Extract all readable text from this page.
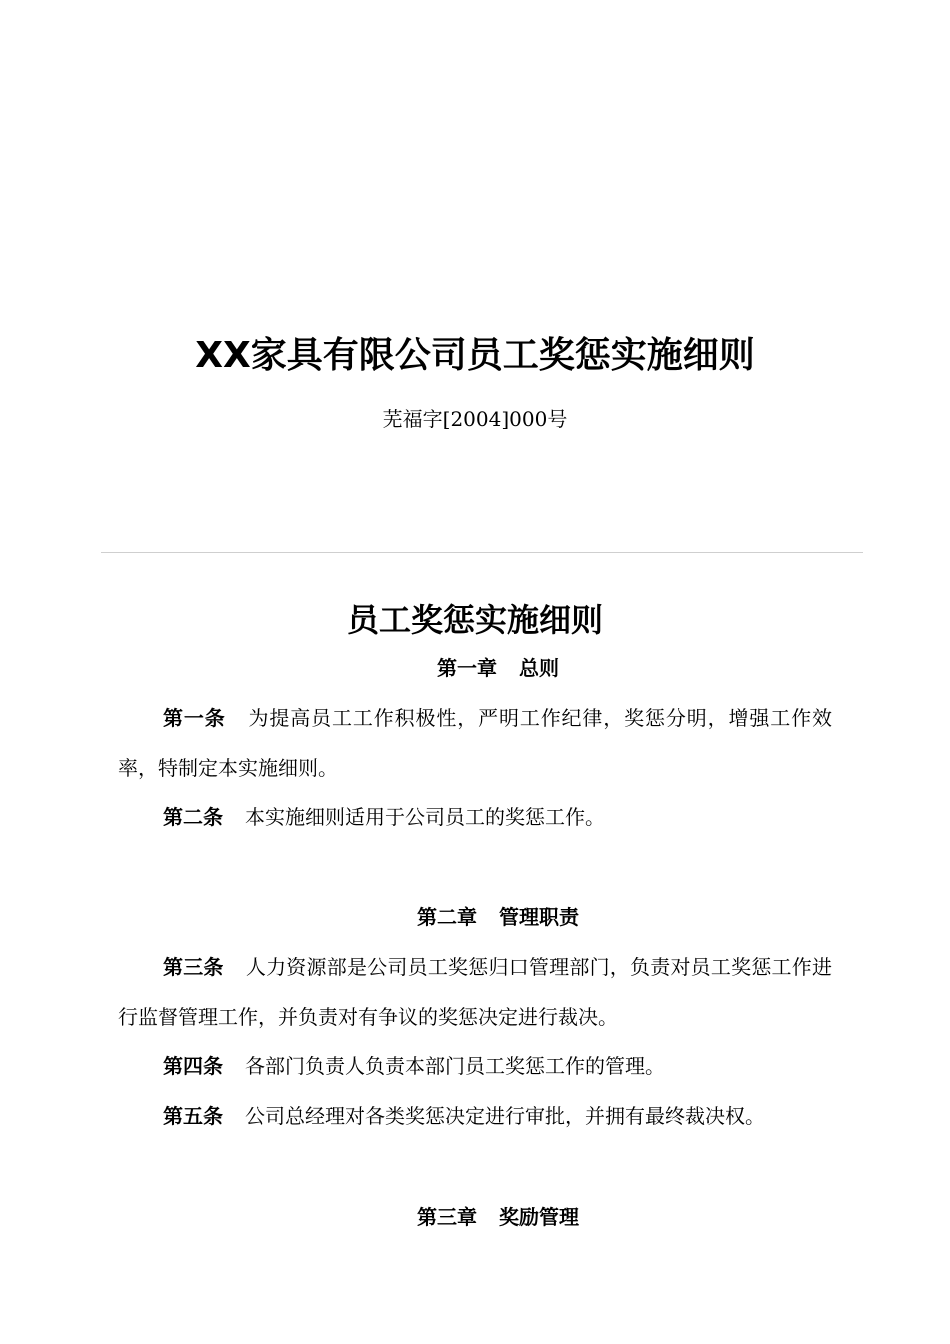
XX家具有限公司员工奖惩实施细则
芜福字[2004]000号
员工奖惩实施细则
第一章 总则
第一条 为提高员工工作积极性，严明工作纪律，奖惩分明，增强工作效率，特制定本实施细则。
第二条 本实施细则适用于公司员工的奖惩工作。
第二章 管理职责
第三条 人力资源部是公司员工奖惩归口管理部门，负责对员工奖惩工作进行监督管理工作，并负责对有争议的奖惩决定进行裁决。
第四条 各部门负责人负责本部门员工奖惩工作的管理。
第五条 公司总经理对各类奖惩决定进行审批，并拥有最终裁决权。
第三章 奖励管理
